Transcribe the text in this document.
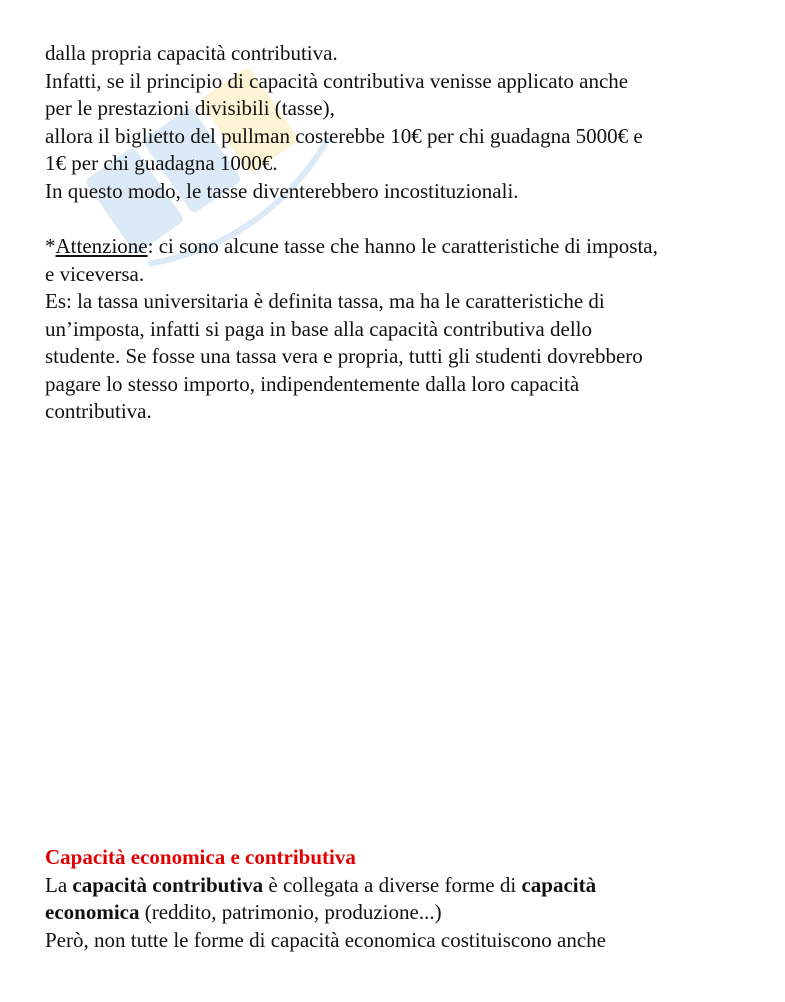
dalla propria capacità contributiva.
Infatti, se il principio di capacità contributiva venisse applicato anche
per le prestazioni divisibili (tasse),
allora il biglietto del pullman costerebbe 10€ per chi guadagna 5000€ e
1€ per chi guadagna 1000€.
In questo modo, le tasse diventerebbero incostituzionali.
*Attenzione: ci sono alcune tasse che hanno le caratteristiche di imposta,
e viceversa.
Es: la tassa universitaria è definita tassa, ma ha le caratteristiche di
un’imposta, infatti si paga in base alla capacità contributiva dello
studente. Se fosse una tassa vera e propria, tutti gli studenti dovrebbero
pagare lo stesso importo, indipendentemente dalla loro capacità
contributiva.
Capacità economica e contributiva
La capacità contributiva è collegata a diverse forme di capacità
economica (reddito, patrimonio, produzione...)
Però, non tutte le forme di capacità economica costituiscono anche
